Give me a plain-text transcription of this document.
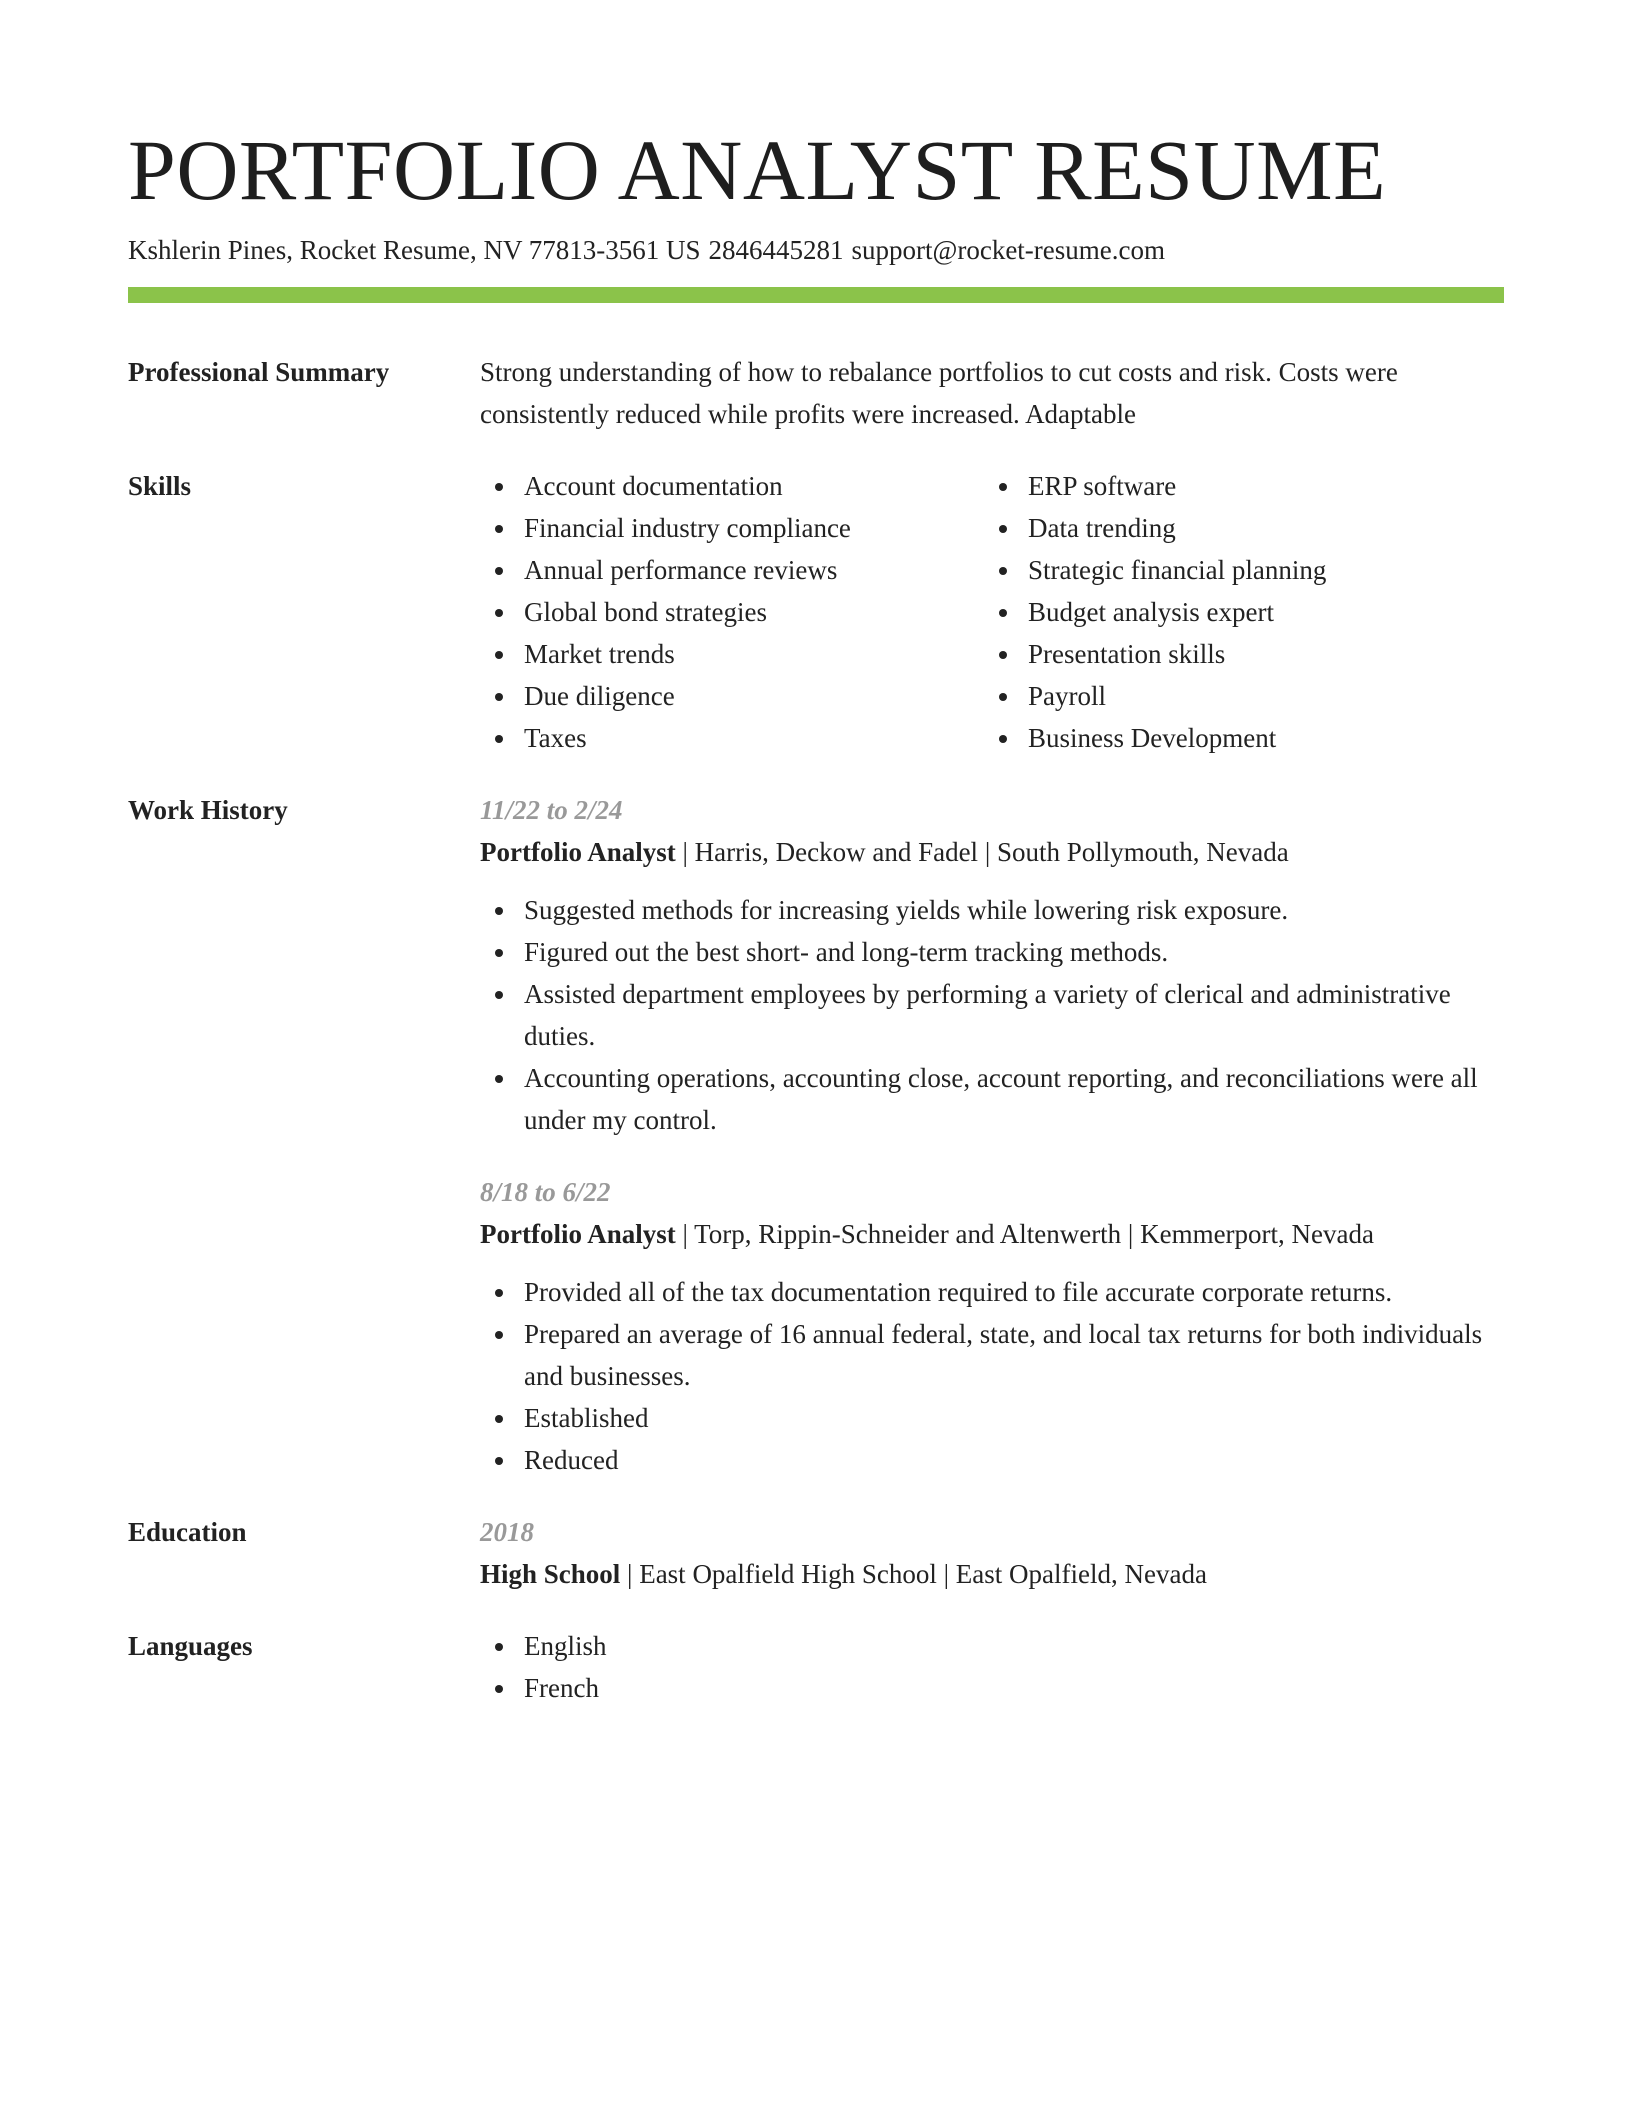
PORTFOLIO ANALYST RESUME
Kshlerin Pines, Rocket Resume, NV 77813-3561 US 2846445281 support@rocket-resume.com
Professional Summary	Strong understanding of how to rebalance portfolios to cut costs and risk. Costs were consistently reduced while profits were increased. Adaptable
Skills	Account documentation
Financial industry compliance
Annual performance reviews
Global bond strategies
Market trends
Due diligence
Taxes
ERP software
Data trending
Strategic financial planning
Budget analysis expert
Presentation skills
Payroll
Business Development
Work History	11/22 to 2/24
Portfolio Analyst | Harris, Deckow and Fadel | South Pollymouth, Nevada
Suggested methods for increasing yields while lowering risk exposure.
Figured out the best short- and long-term tracking methods.
Assisted department employees by performing a variety of clerical and administrative duties.
Accounting operations, accounting close, account reporting, and reconciliations were all under my control.
8/18 to 6/22
Portfolio Analyst | Torp, Rippin-Schneider and Altenwerth | Kemmerport, Nevada
Provided all of the tax documentation required to file accurate corporate returns.
Prepared an average of 16 annual federal, state, and local tax returns for both individuals and businesses.
Established
Reduced
Education	2018
High School | East Opalfield High School | East Opalfield, Nevada
Languages	English
French
